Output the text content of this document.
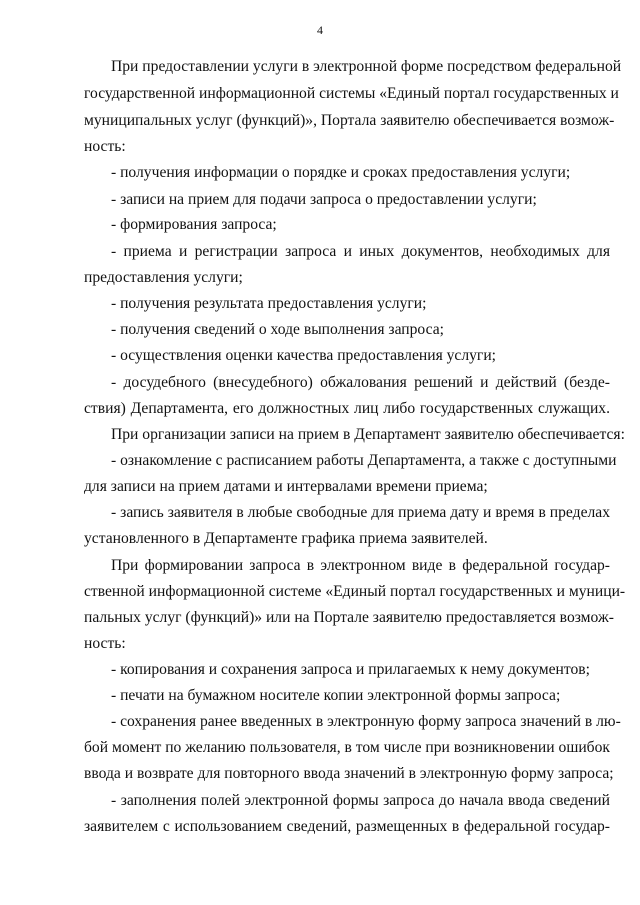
4
При предоставлении услуги в электронной форме посредством федеральной
государственной информационной системы «Единый портал государственных и
муниципальных услуг (функций)», Портала заявителю обеспечивается возмож-
ность:
- получения информации о порядке и сроках предоставления услуги;
- записи на прием для подачи запроса о предоставлении услуги;
- формирования запроса;
- приема и регистрации запроса и иных документов, необходимых для
предоставления услуги;
- получения результата предоставления услуги;
- получения сведений о ходе выполнения запроса;
- осуществления оценки качества предоставления услуги;
- досудебного (внесудебного) обжалования решений и действий (безде-
ствия) Департамента, его должностных лиц либо государственных служащих.
При организации записи на прием в Департамент заявителю обеспечивается:
- ознакомление с расписанием работы Департамента, а также с доступными
для записи на прием датами и интервалами времени приема;
- запись заявителя в любые свободные для приема дату и время в пределах
установленного в Департаменте графика приема заявителей.
При формировании запроса в электронном виде в федеральной государ-
ственной информационной системе «Единый портал государственных и муници-
пальных услуг (функций)» или на Портале заявителю предоставляется возмож-
ность:
- копирования и сохранения запроса и прилагаемых к нему документов;
- печати на бумажном носителе копии электронной формы запроса;
- сохранения ранее введенных в электронную форму запроса значений в лю-
бой момент по желанию пользователя, в том числе при возникновении ошибок
ввода и возврате для повторного ввода значений в электронную форму запроса;
- заполнения полей электронной формы запроса до начала ввода сведений
заявителем с использованием сведений, размещенных в федеральной государ-
